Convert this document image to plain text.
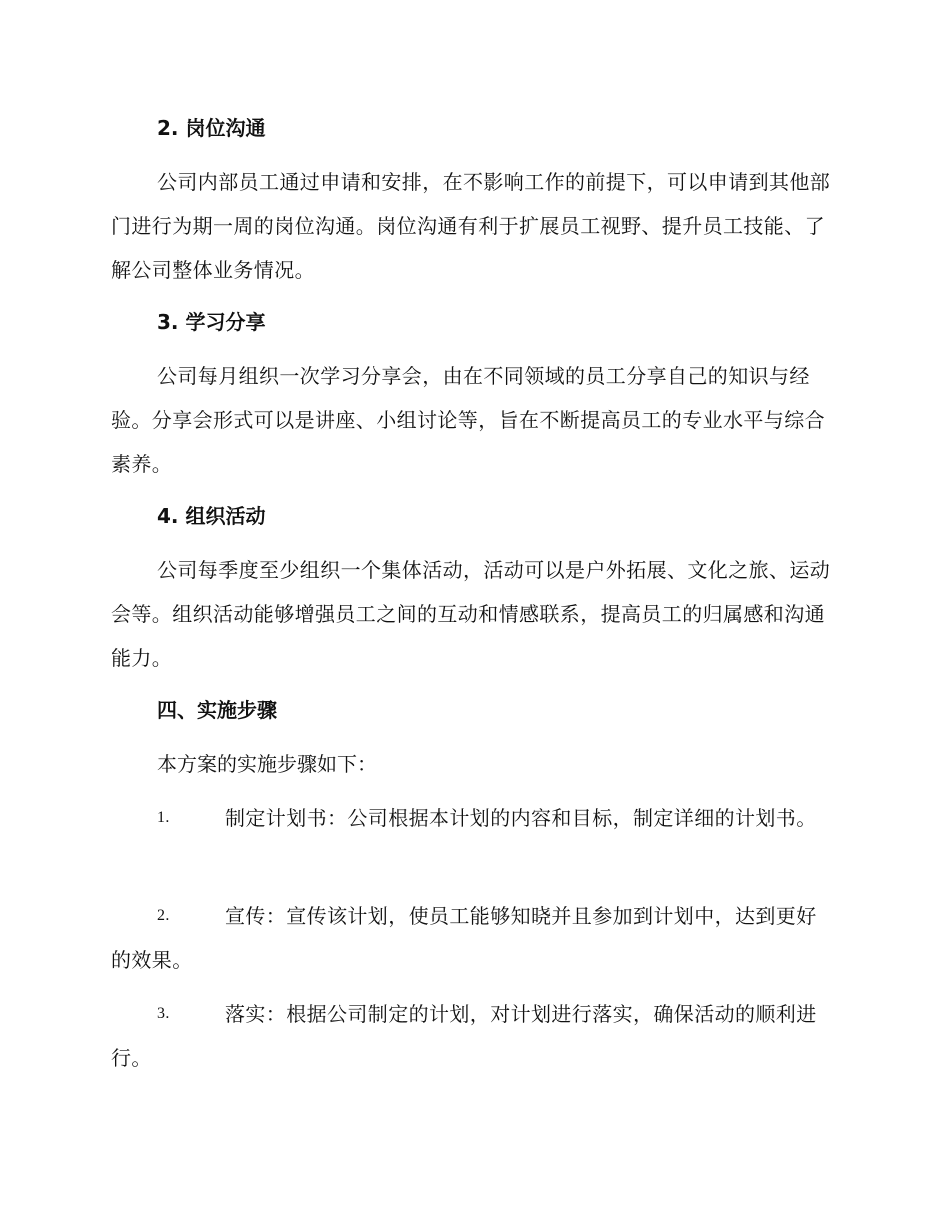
2. 岗位沟通

公司内部员工通过申请和安排，在不影响工作的前提下，可以申请到其他部门进行为期一周的岗位沟通。岗位沟通有利于扩展员工视野、提升员工技能、了解公司整体业务情况。

3. 学习分享

公司每月组织一次学习分享会，由在不同领域的员工分享自己的知识与经验。分享会形式可以是讲座、小组讨论等，旨在不断提高员工的专业水平与综合素养。

4. 组织活动

公司每季度至少组织一个集体活动，活动可以是户外拓展、文化之旅、运动会等。组织活动能够增强员工之间的互动和情感联系，提高员工的归属感和沟通能力。

四、实施步骤
本方案的实施步骤如下：
1.	制定计划书：公司根据本计划的内容和目标，制定详细的计划书。
2.	宣传：宣传该计划，使员工能够知晓并且参加到计划中，达到更好的效果。
3.	落实：根据公司制定的计划，对计划进行落实，确保活动的顺利进行。
